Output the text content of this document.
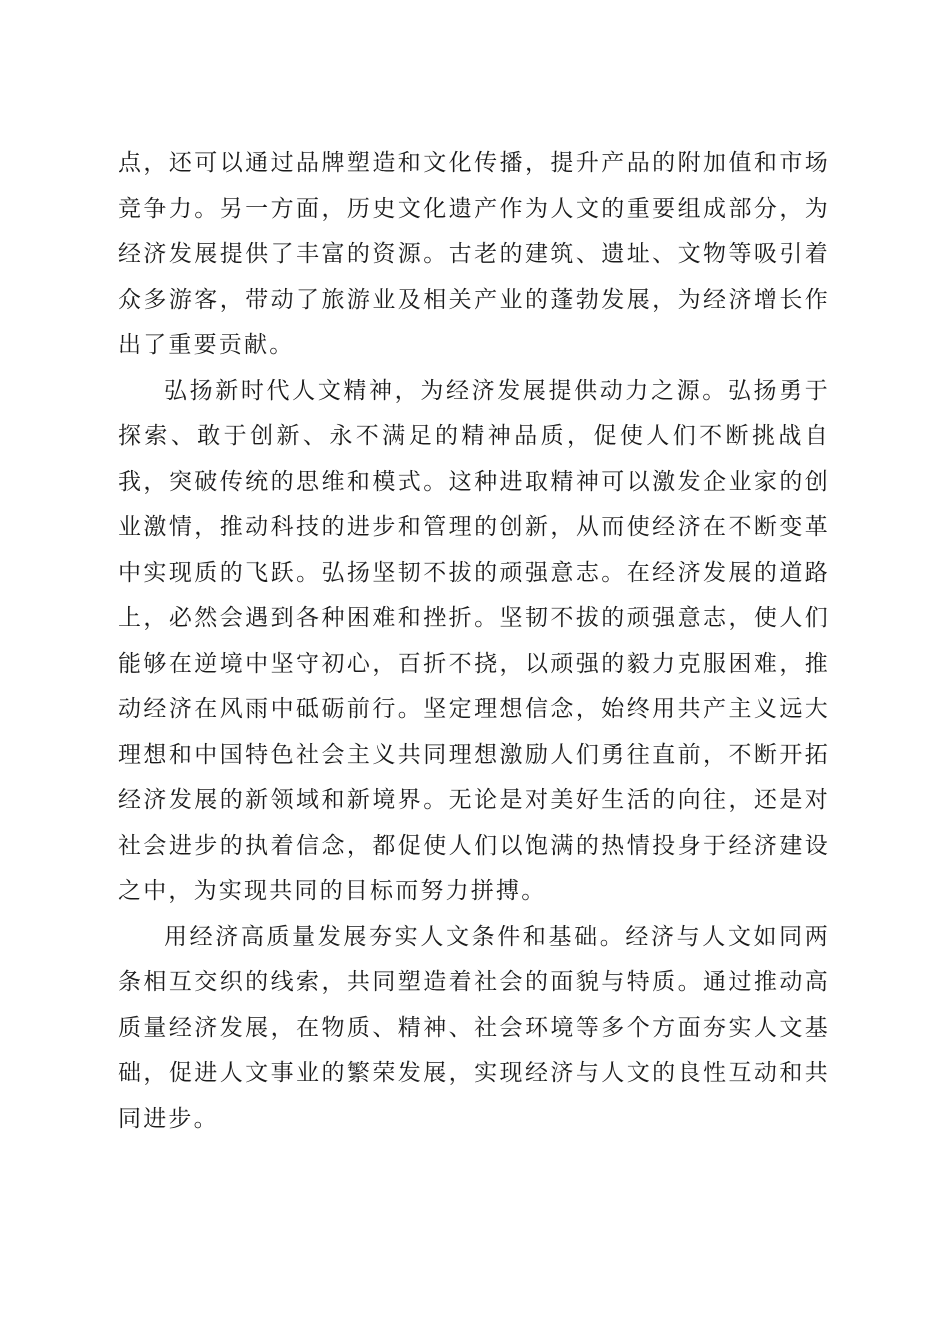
点，还可以通过品牌塑造和文化传播，提升产品的附加值和市场竞争力。另一方面，历史文化遗产作为人文的重要组成部分，为经济发展提供了丰富的资源。古老的建筑、遗址、文物等吸引着众多游客，带动了旅游业及相关产业的蓬勃发展，为经济增长作出了重要贡献。

弘扬新时代人文精神，为经济发展提供动力之源。弘扬勇于探索、敢于创新、永不满足的精神品质，促使人们不断挑战自我，突破传统的思维和模式。这种进取精神可以激发企业家的创业激情，推动科技的进步和管理的创新，从而使经济在不断变革中实现质的飞跃。弘扬坚韧不拔的顽强意志。在经济发展的道路上，必然会遇到各种困难和挫折。坚韧不拔的顽强意志，使人们能够在逆境中坚守初心，百折不挠，以顽强的毅力克服困难，推动经济在风雨中砥砺前行。坚定理想信念，始终用共产主义远大理想和中国特色社会主义共同理想激励人们勇往直前，不断开拓经济发展的新领域和新境界。无论是对美好生活的向往，还是对社会进步的执着信念，都促使人们以饱满的热情投身于经济建设之中，为实现共同的目标而努力拼搏。

用经济高质量发展夯实人文条件和基础。经济与人文如同两条相互交织的线索，共同塑造着社会的面貌与特质。通过推动高质量经济发展，在物质、精神、社会环境等多个方面夯实人文基础，促进人文事业的繁荣发展，实现经济与人文的良性互动和共同进步。
